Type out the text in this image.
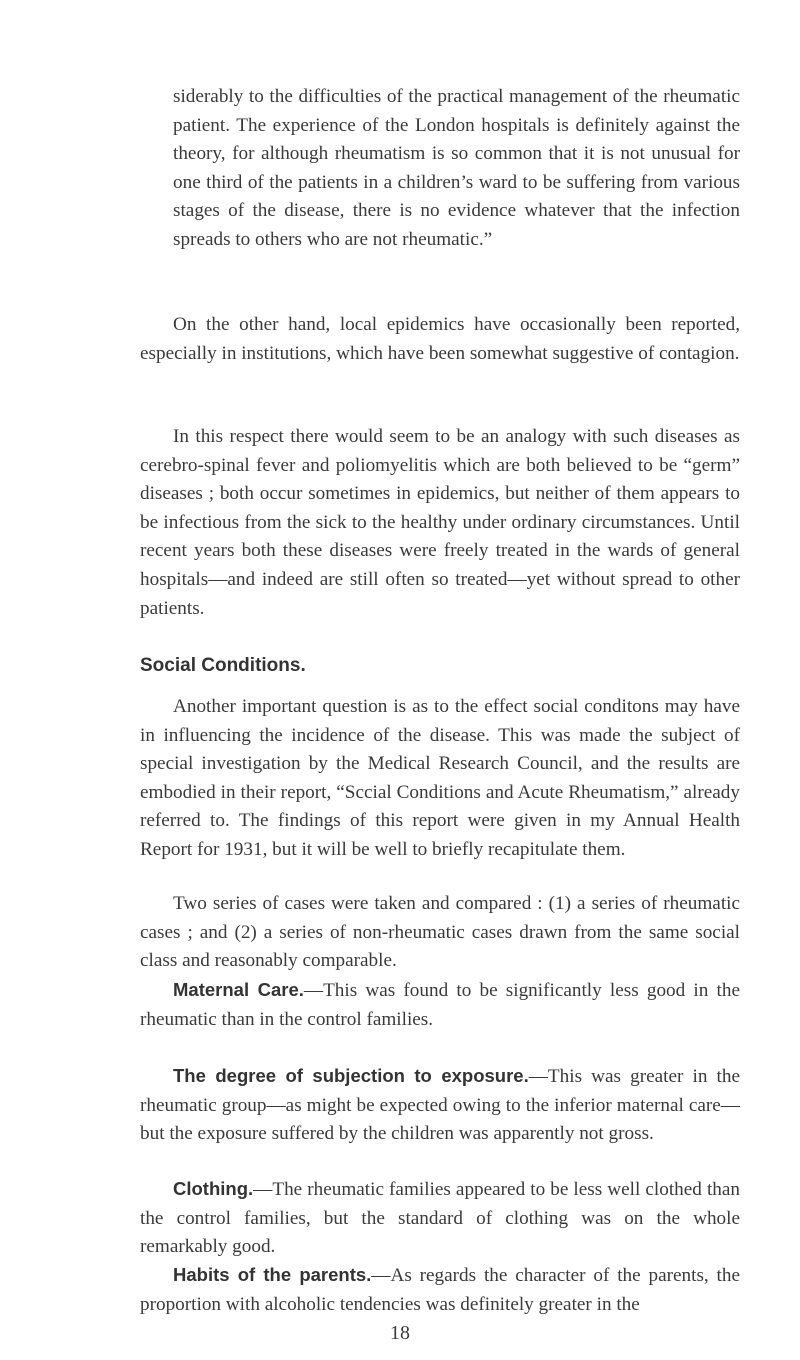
siderably to the difficulties of the practical management of the rheumatic patient. The experience of the London hospitals is definitely against the theory, for although rheumatism is so common that it is not unusual for one third of the patients in a children’s ward to be suffering from various stages of the disease, there is no evidence whatever that the infection spreads to others who are not rheumatic.”

On the other hand, local epidemics have occasionally been reported, especially in institutions, which have been somewhat suggestive of contagion.

In this respect there would seem to be an analogy with such diseases as cerebro-spinal fever and poliomyelitis which are both believed to be “germ” diseases ; both occur sometimes in epidemics, but neither of them appears to be infectious from the sick to the healthy under ordinary circumstances. Until recent years both these diseases were freely treated in the wards of general hospitals—and indeed are still often so treated—yet without spread to other patients.

Social Conditions.

Another important question is as to the effect social conditons may have in influencing the incidence of the disease. This was made the subject of special investigation by the Medical Research Council, and the results are embodied in their report, “Sccial Conditions and Acute Rheumatism,” already referred to. The findings of this report were given in my Annual Health Report for 1931, but it will be well to briefly recapitulate them.

Two series of cases were taken and compared : (1) a series of rheumatic cases ; and (2) a series of non-rheumatic cases drawn from the same social class and reasonably comparable.

Maternal Care.—This was found to be significantly less good in the rheumatic than in the control families.

The degree of subjection to exposure.—This was greater in the rheumatic group—as might be expected owing to the inferior maternal care—but the exposure suffered by the children was apparently not gross.

Clothing.—The rheumatic families appeared to be less well clothed than the control families, but the standard of clothing was on the whole remarkably good.

Habits of the parents.—As regards the character of the parents, the proportion with alcoholic tendencies was definitely greater in the

18
